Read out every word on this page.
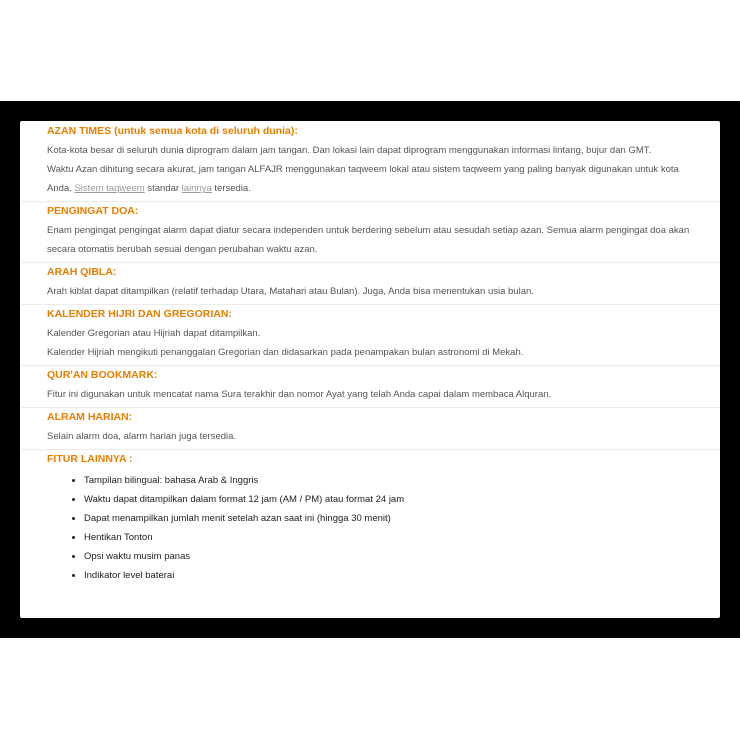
AZAN TIMES (untuk semua kota di seluruh dunia):

Kota-kota besar di seluruh dunia diprogram dalam jam tangan. Dan lokasi lain dapat diprogram menggunakan informasi lintang, bujur dan GMT.

Waktu Azan dihitung secara akurat, jam tangan ALFAJR menggunakan taqweem lokal atau sistem taqweem yang paling banyak digunakan untuk kota

Anda. Sistem taqweem standar lainnya tersedia.

PENGINGAT DOA:

Enam pengingat pengingat alarm dapat diatur secara independen untuk berdering sebelum atau sesudah setiap azan. Semua alarm pengingat doa akan

secara otomatis berubah sesuai dengan perubahan waktu azan.

ARAH QIBLA:

Arah kiblat dapat ditampilkan (relatif terhadap Utara, Matahari atau Bulan). Juga, Anda bisa menentukan usia bulan.

KALENDER HIJRI DAN GREGORIAN:

Kalender Gregorian atau Hijriah dapat ditampilkan.

Kalender Hijriah mengikuti penanggalan Gregorian dan didasarkan pada penampakan bulan astronomi di Mekah.

QUR'AN BOOKMARK:

Fitur ini digunakan untuk mencatat nama Sura terakhir dan nomor Ayat yang telah Anda capai dalam membaca Alquran.

ALRAM HARIAN:

Selain alarm doa, alarm harian juga tersedia.

FITUR LAINNYA :

• Tampilan bilingual: bahasa Arab & Inggris
• Waktu dapat ditampilkan dalam format 12 jam (AM / PM) atau format 24 jam
• Dapat menampilkan jumlah menit setelah azan saat ini (hingga 30 menit)
• Hentikan Tonton
• Opsi waktu musim panas
• Indikator level baterai
